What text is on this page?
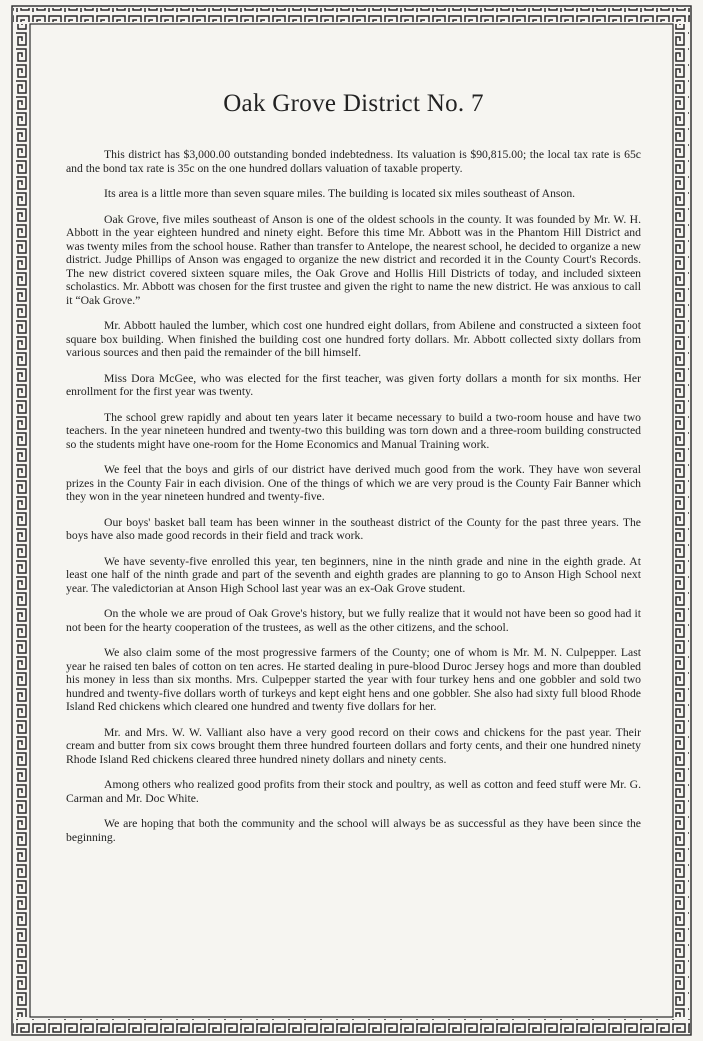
Oak Grove District No. 7

This district has $3,000.00 outstanding bonded indebtedness. Its valuation is $90,815.00; the local tax rate is 65c and the bond tax rate is 35c on the one hundred dollars valuation of taxable property.

Its area is a little more than seven square miles. The building is located six miles southeast of Anson.

Oak Grove, five miles southeast of Anson is one of the oldest schools in the county. It was founded by Mr. W. H. Abbott in the year eighteen hundred and ninety eight. Before this time Mr. Abbott was in the Phantom Hill District and was twenty miles from the school house. Rather than transfer to Antelope, the nearest school, he decided to organize a new district. Judge Phillips of Anson was engaged to organize the new district and recorded it in the County Court's Records. The new district covered sixteen square miles, the Oak Grove and Hollis Hill Districts of today, and included sixteen scholastics. Mr. Abbott was chosen for the first trustee and given the right to name the new district. He was anxious to call it “Oak Grove.”

Mr. Abbott hauled the lumber, which cost one hundred eight dollars, from Abilene and constructed a sixteen foot square box building. When finished the building cost one hundred forty dollars. Mr. Abbott collected sixty dollars from various sources and then paid the remainder of the bill himself.

Miss Dora McGee, who was elected for the first teacher, was given forty dollars a month for six months. Her enrollment for the first year was twenty.

The school grew rapidly and about ten years later it became necessary to build a two-room house and have two teachers. In the year nineteen hundred and twenty-two this building was torn down and a three-room building constructed so the students might have one-room for the Home Economics and Manual Training work.

We feel that the boys and girls of our district have derived much good from the work. They have won several prizes in the County Fair in each division. One of the things of which we are very proud is the County Fair Banner which they won in the year nineteen hundred and twenty-five.

Our boys' basket ball team has been winner in the southeast district of the County for the past three years. The boys have also made good records in their field and track work.

We have seventy-five enrolled this year, ten beginners, nine in the ninth grade and nine in the eighth grade. At least one half of the ninth grade and part of the seventh and eighth grades are planning to go to Anson High School next year. The valedictorian at Anson High School last year was an ex-Oak Grove student.

On the whole we are proud of Oak Grove's history, but we fully realize that it would not have been so good had it not been for the hearty cooperation of the trustees, as well as the other citizens, and the school.

We also claim some of the most progressive farmers of the County; one of whom is Mr. M. N. Culpepper. Last year he raised ten bales of cotton on ten acres. He started dealing in pure-blood Duroc Jersey hogs and more than doubled his money in less than six months. Mrs. Culpepper started the year with four turkey hens and one gobbler and sold two hundred and twenty-five dollars worth of turkeys and kept eight hens and one gobbler. She also had sixty full blood Rhode Island Red chickens which cleared one hundred and twenty five dollars for her.

Mr. and Mrs. W. W. Valliant also have a very good record on their cows and chickens for the past year. Their cream and butter from six cows brought them three hundred fourteen dollars and forty cents, and their one hundred ninety Rhode Island Red chickens cleared three hundred ninety dollars and ninety cents.

Among others who realized good profits from their stock and poultry, as well as cotton and feed stuff were Mr. G. Carman and Mr. Doc White.

We are hoping that both the community and the school will always be as successful as they have been since the beginning.
